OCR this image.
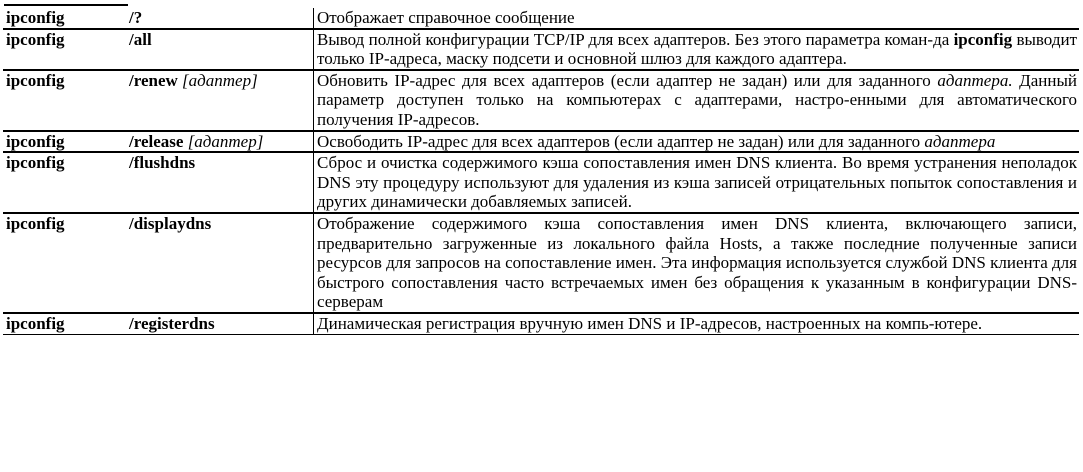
ipconfig	/?	Отображает справочное сообщение
ipconfig	/all	Вывод полной конфигурации TCP/IP для всех адаптеров. Без этого параметра коман-да ipconfig выводит только IP-адреса, маску подсети и основной шлюз для каждого адаптера.
ipconfig	/renew [адаптер]	Обновить IP-адрес для всех адаптеров (если адаптер не задан) или для заданного адаптера. Данный параметр доступен только на компьютерах с адаптерами, настро-енными для автоматического получения IP-адресов.
ipconfig	/release [адаптер]	Освободить IP-адрес для всех адаптеров (если адаптер не задан) или для заданного адаптера
ipconfig	/flushdns	Сброс и очистка содержимого кэша сопоставления имен DNS клиента. Во время устранения неполадок DNS эту процедуру используют для удаления из кэша записей отрицательных попыток сопоставления и других динамически добавляемых записей.
ipconfig	/displaydns	Отображение содержимого кэша сопоставления имен DNS клиента, включающего записи, предварительно загруженные из локального файла Hosts, а также последние полученные записи ресурсов для запросов на сопоставление имен. Эта информация используется службой DNS клиента для быстрого сопоставления часто встречаемых имен без обращения к указанным в конфигурации DNS-серверам
ipconfig	/registerdns	Динамическая регистрация вручную имен DNS и IP-адресов, настроенных на компь-ютере.
